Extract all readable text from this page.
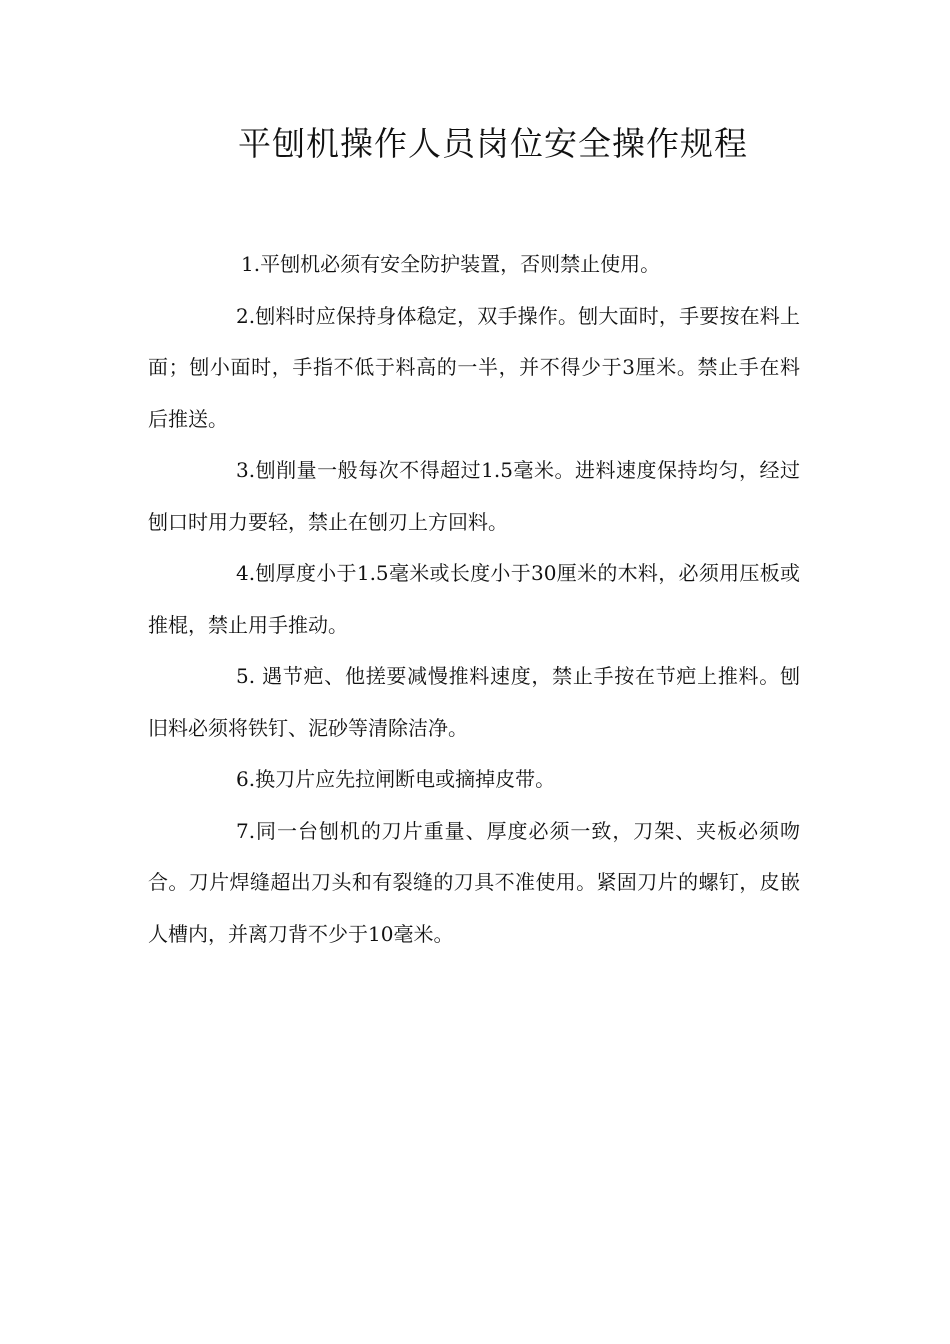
平刨机操作人员岗位安全操作规程

1.平刨机必须有安全防护装置，否则禁止使用。

2.刨料时应保持身体稳定，双手操作。刨大面时，手要按在料上面；刨小面时，手指不低于料高的一半，并不得少于3厘米。禁止手在料后推送。

3.刨削量一般每次不得超过1.5毫米。进料速度保持均匀，经过刨口时用力要轻，禁止在刨刃上方回料。

4.刨厚度小于1.5毫米或长度小于30厘米的木料，必须用压板或推棍，禁止用手推动。

5. 遇节疤、他搓要减慢推料速度，禁止手按在节疤上推料。刨旧料必须将铁钉、泥砂等清除洁净。

6.换刀片应先拉闸断电或摘掉皮带。

7.同一台刨机的刀片重量、厚度必须一致，刀架、夹板必须吻合。刀片焊缝超出刀头和有裂缝的刀具不准使用。紧固刀片的螺钉，皮嵌人槽内，并离刀背不少于10毫米。
